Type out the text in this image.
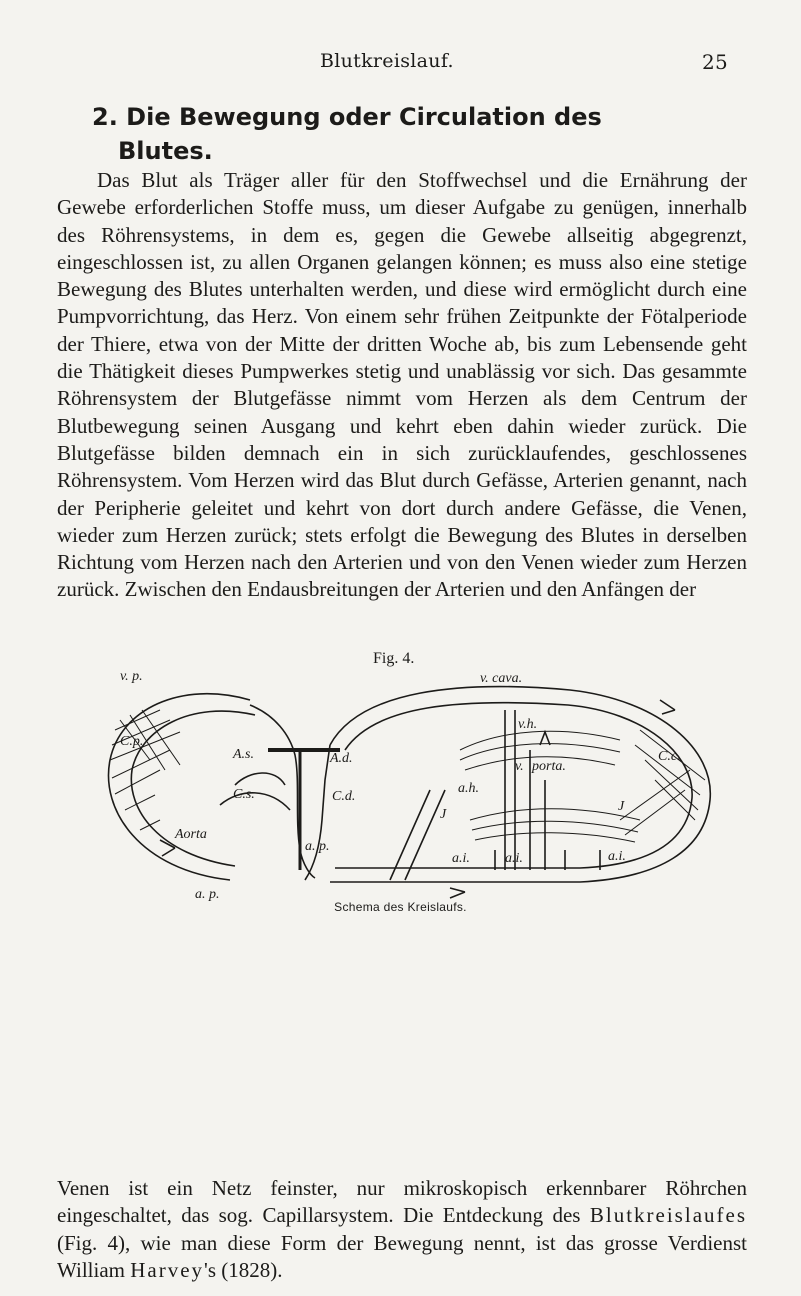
Blutkreislauf.	25
2. Die Bewegung oder Circulation des
Blutes.
Das Blut als Träger aller für den Stoffwechsel und die Ernährung der Gewebe erforderlichen Stoffe muss, um dieser Aufgabe zu genügen, innerhalb des Röhrensystems, in dem es, gegen die Gewebe allseitig abgegrenzt, eingeschlossen ist, zu allen Organen gelangen können; es muss also eine stetige Bewegung des Blutes unterhalten werden, und diese wird ermöglicht durch eine Pumpvorrichtung, das Herz. Von einem sehr frühen Zeitpunkte der Fötalperiode der Thiere, etwa von der Mitte der dritten Woche ab, bis zum Lebensende geht die Thätigkeit dieses Pumpwerkes stetig und unablässig vor sich. Das gesammte Röhrensystem der Blutgefässe nimmt vom Herzen als dem Centrum der Blutbewegung seinen Ausgang und kehrt eben dahin wieder zurück. Die Blutgefässe bilden demnach ein in sich zurücklaufendes, geschlossenes Röhrensystem. Vom Herzen wird das Blut durch Gefässe, Arterien genannt, nach der Peripherie geleitet und kehrt von dort durch andere Gefässe, die Venen, wieder zum Herzen zurück; stets erfolgt die Bewegung des Blutes in derselben Richtung vom Herzen nach den Arterien und von den Venen wieder zum Herzen zurück. Zwischen den Endausbreitungen der Arterien und den Anfängen der
Fig. 4.
v. p.	v. cava.
C.p.
A.s.	A.d.
C.s.	C.d.
Aorta
a. p.
a. p.
v.h.
v. porta.
a.h.
C.c.
J
J
a.i.	a.i.	a.i.
Schema des Kreislaufs.
Venen ist ein Netz feinster, nur mikroskopisch erkennbarer Röhrchen eingeschaltet, das sog. Capillarsystem. Die Entdeckung des Blutkreislaufes (Fig. 4), wie man diese Form der Bewegung nennt, ist das grosse Verdienst William Harvey's (1828).
